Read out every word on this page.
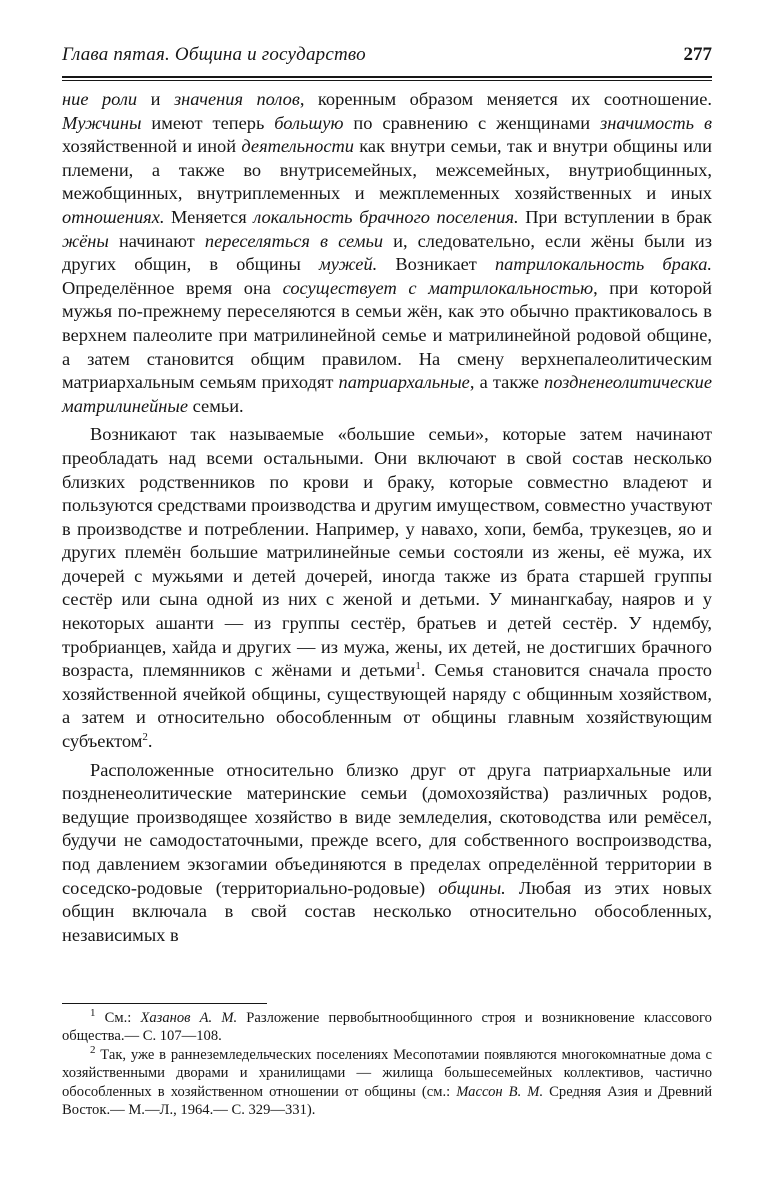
Глава пятая. Община и государство	277

ние роли и значения полов, коренным образом меняется их соотношение. Мужчины имеют теперь большую по сравнению с женщинами значимость в хозяйственной и иной деятельности как внутри семьи, так и внутри общины или племени, а также во внутрисемейных, межсемейных, внутриобщинных, межобщинных, внутриплеменных и межплеменных хозяйственных и иных отношениях. Меняется локальность брачного поселения. При вступлении в брак жёны начинают переселяться в семьи и, следовательно, если жёны были из других общин, в общины мужей. Возникает патрилокальность брака. Определённое время она сосуществует с матрилокальностью, при которой мужья по-прежнему переселяются в семьи жён, как это обычно практиковалось в верхнем палеолите при матрилинейной семье и матрилинейной родовой общине, а затем становится общим правилом. На смену верхнепалеолитическим матриархальным семьям приходят патриархальные, а также поздненеолитические матрилинейные семьи.

Возникают так называемые «большие семьи», которые затем начинают преобладать над всеми остальными. Они включают в свой состав несколько близких родственников по крови и браку, которые совместно владеют и пользуются средствами производства и другим имуществом, совместно участвуют в производстве и потреблении. Например, у навахо, хопи, бемба, трукезцев, яо и других племён большие матрилинейные семьи состояли из жены, её мужа, их дочерей с мужьями и детей дочерей, иногда также из брата старшей группы сестёр или сына одной из них с женой и детьми. У минангкабау, наяров и у некоторых ашанти — из группы сестёр, братьев и детей сестёр. У ндембу, тробрианцев, хайда и других — из мужа, жены, их детей, не достигших брачного возраста, племянников с жёнами и детьми$^1$. Семья становится сначала просто хозяйственной ячейкой общины, существующей наряду с общинным хозяйством, а затем и относительно обособленным от общины главным хозяйствующим субъектом$^2$.

Расположенные относительно близко друг от друга патриархальные или поздненеолитические материнские семьи (домохозяйства) различных родов, ведущие производящее хозяйство в виде земледелия, скотоводства или ремёсел, будучи не самодостаточными, прежде всего, для собственного воспроизводства, под давлением экзогамии объединяются в пределах определённой территории в соседско-родовые (территориально-родовые) общины. Любая из этих новых общин включала в свой состав несколько относительно обособленных, независимых в

$^1$ См.: Хазанов А. М. Разложение первобытнообщинного строя и возникновение классового общества.— С. 107—108.

$^2$ Так, уже в раннеземледельческих поселениях Месопотамии появляются многокомнатные дома с хозяйственными дворами и хранилищами — жилища большесемейных коллективов, частично обособленных в хозяйственном отношении от общины (см.: Массон В. М. Средняя Азия и Древний Восток.— М.—Л., 1964.— С. 329—331).
